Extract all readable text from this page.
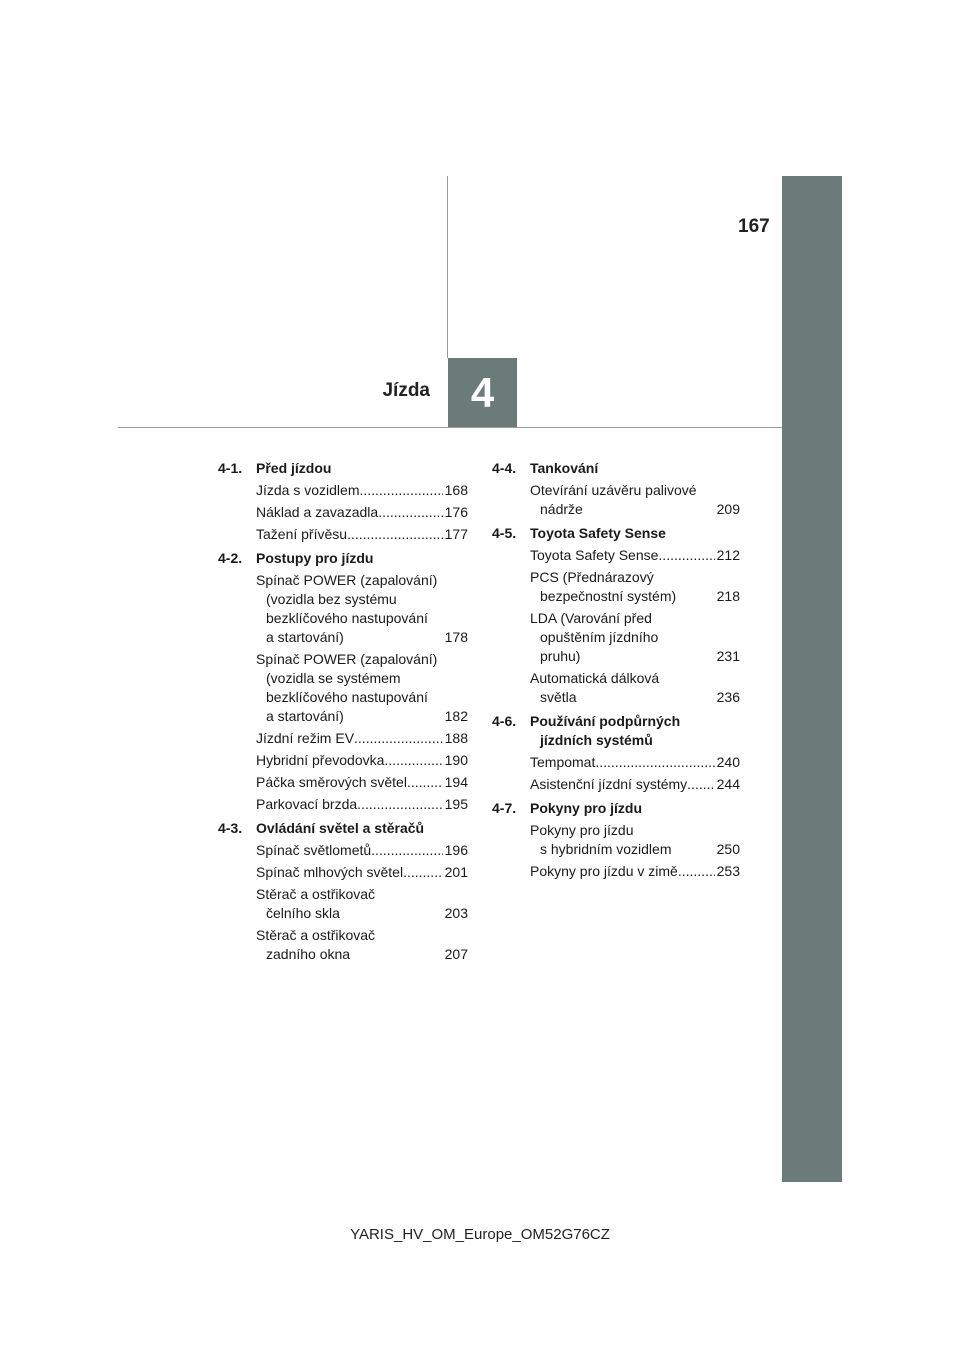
4
Jízda
167
4-1. Před jízdou
Jízda s vozidlem .....	168
Náklad a zavazadla .....	176
Tažení přívěsu .....	177
4-2. Postupy pro jízdu
Spínač POWER (zapalování)
(vozidla bez systému
bezklíčového nastupování
a startování)
.....	178
Spínač POWER (zapalování)
(vozidla se systémem
bezklíčového nastupování
a startování)
.....	182
Jízdní režim EV .....	188
Hybridní převodovka .....	190
Páčka směrových světel .....	194
Parkovací brzda .....	195
4-3. Ovládání světel a stěračů
Spínač světlometů .....	196
Spínač mlhových světel .....	201
Stěrač a ostřikovač
čelního skla
.....	203
Stěrač a ostřikovač
zadního okna
.....	207
4-4. Tankování
Otevírání uzávěru palivové
nádrže
.....	209
4-5. Toyota Safety Sense
Toyota Safety Sense .....	212
PCS (Přednárazový
bezpečnostní systém)
.....	218
LDA (Varování před
opuštěním jízdního
pruhu)
.....	231
Automatická dálková
světla
.....	236
4-6. Používání podpůrných
jízdních systémů
Tempomat .....	240
Asistenční jízdní systémy .....	244
4-7. Pokyny pro jízdu
Pokyny pro jízdu
s hybridním vozidlem
.....	250
Pokyny pro jízdu v zimě .....	253
YARIS_HV_OM_Europe_OM52G76CZ
